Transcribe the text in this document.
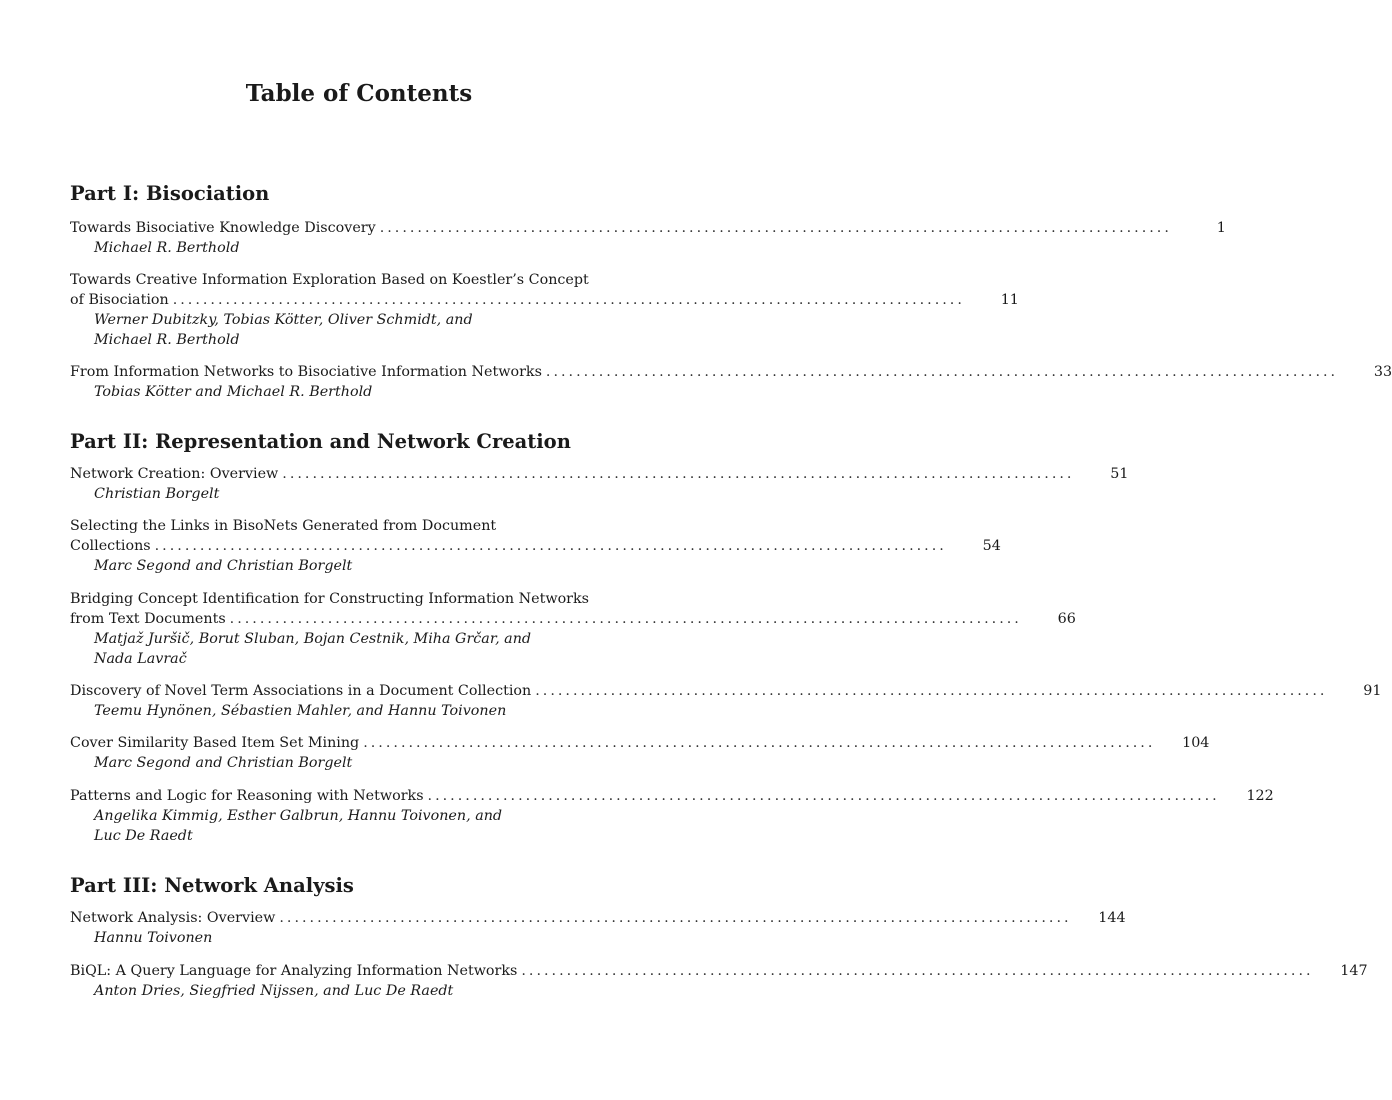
Table of Contents
Part I: Bisociation
Towards Bisociative Knowledge Discovery .........................................................................................................	1
Michael R. Berthold
Towards Creative Information Exploration Based on Koestler’s Concept
of Bisociation .........................................................................................................	11
Werner Dubitzky, Tobias Kötter, Oliver Schmidt, and
Michael R. Berthold
From Information Networks to Bisociative Information Networks .........................................................................................................	33
Tobias Kötter and Michael R. Berthold
Part II: Representation and Network Creation
Network Creation: Overview .........................................................................................................	51
Christian Borgelt
Selecting the Links in BisoNets Generated from Document
Collections .........................................................................................................	54
Marc Segond and Christian Borgelt
Bridging Concept Identification for Constructing Information Networks
from Text Documents .........................................................................................................	66
Matjaž Juršič, Borut Sluban, Bojan Cestnik, Miha Grčar, and
Nada Lavrač
Discovery of Novel Term Associations in a Document Collection .........................................................................................................	91
Teemu Hynönen, Sébastien Mahler, and Hannu Toivonen
Cover Similarity Based Item Set Mining .........................................................................................................	104
Marc Segond and Christian Borgelt
Patterns and Logic for Reasoning with Networks .........................................................................................................	122
Angelika Kimmig, Esther Galbrun, Hannu Toivonen, and
Luc De Raedt
Part III: Network Analysis
Network Analysis: Overview .........................................................................................................	144
Hannu Toivonen
BiQL: A Query Language for Analyzing Information Networks .........................................................................................................	147
Anton Dries, Siegfried Nijssen, and Luc De Raedt
